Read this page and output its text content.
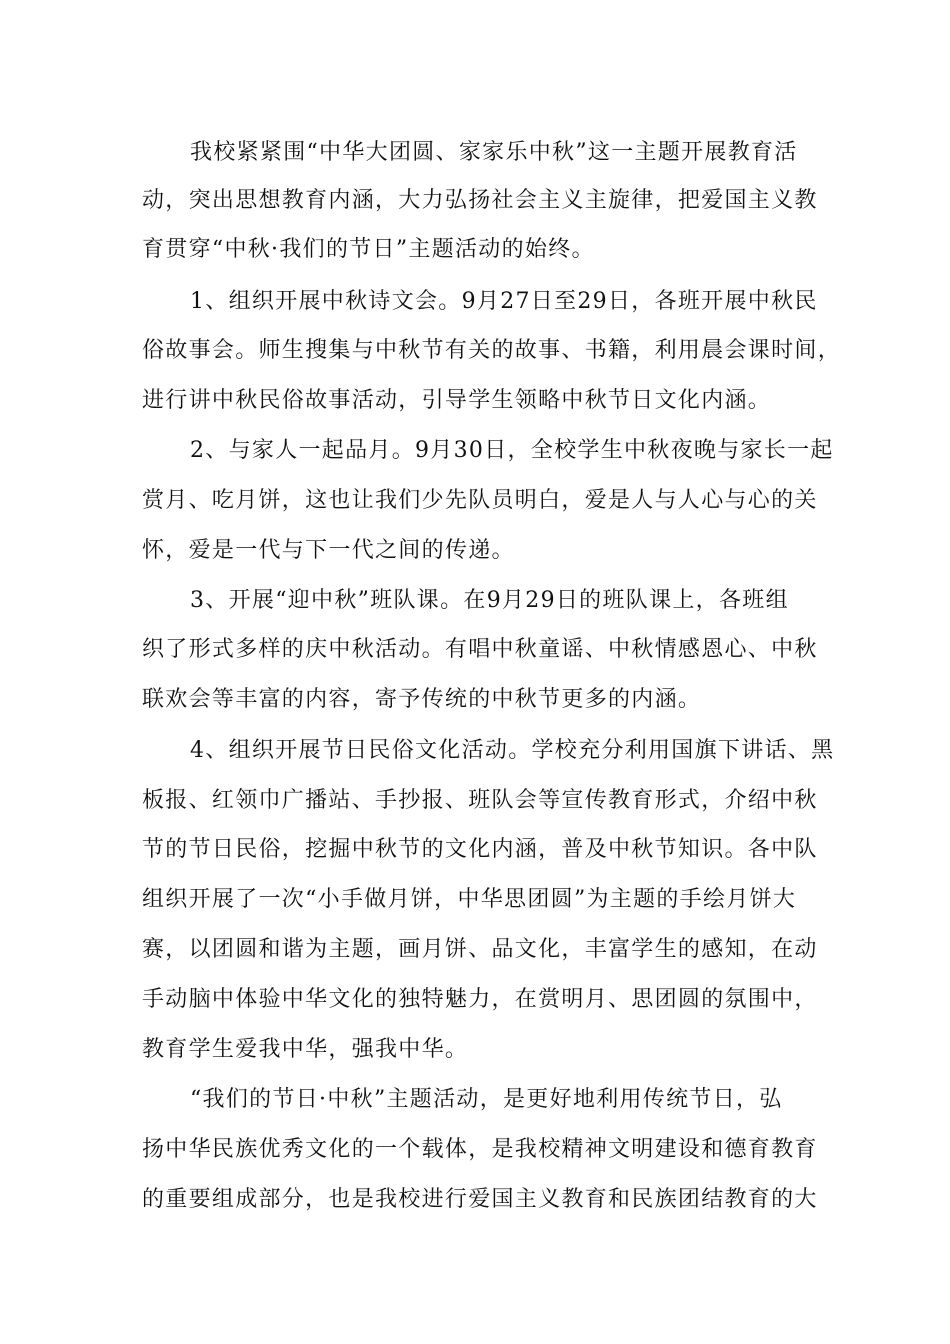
我校紧紧围“中华大团圆、家家乐中秋”这一主题开展教育活
动，突出思想教育内涵，大力弘扬社会主义主旋律，把爱国主义教
育贯穿“中秋·我们的节日”主题活动的始终。
1、组织开展中秋诗文会。9月27日至29日，各班开展中秋民
俗故事会。师生搜集与中秋节有关的故事、书籍，利用晨会课时间，
进行讲中秋民俗故事活动，引导学生领略中秋节日文化内涵。
2、与家人一起品月。9月30日，全校学生中秋夜晚与家长一起
赏月、吃月饼，这也让我们少先队员明白，爱是人与人心与心的关
怀，爱是一代与下一代之间的传递。
3、开展“迎中秋”班队课。在9月29日的班队课上，各班组
织了形式多样的庆中秋活动。有唱中秋童谣、中秋情感恩心、中秋
联欢会等丰富的内容，寄予传统的中秋节更多的内涵。
4、组织开展节日民俗文化活动。学校充分利用国旗下讲话、黑
板报、红领巾广播站、手抄报、班队会等宣传教育形式，介绍中秋
节的节日民俗，挖掘中秋节的文化内涵，普及中秋节知识。各中队
组织开展了一次“小手做月饼，中华思团圆”为主题的手绘月饼大
赛，以团圆和谐为主题，画月饼、品文化，丰富学生的感知，在动
手动脑中体验中华文化的独特魅力，在赏明月、思团圆的氛围中，
教育学生爱我中华，强我中华。
“我们的节日·中秋”主题活动，是更好地利用传统节日，弘
扬中华民族优秀文化的一个载体，是我校精神文明建设和德育教育
的重要组成部分，也是我校进行爱国主义教育和民族团结教育的大
